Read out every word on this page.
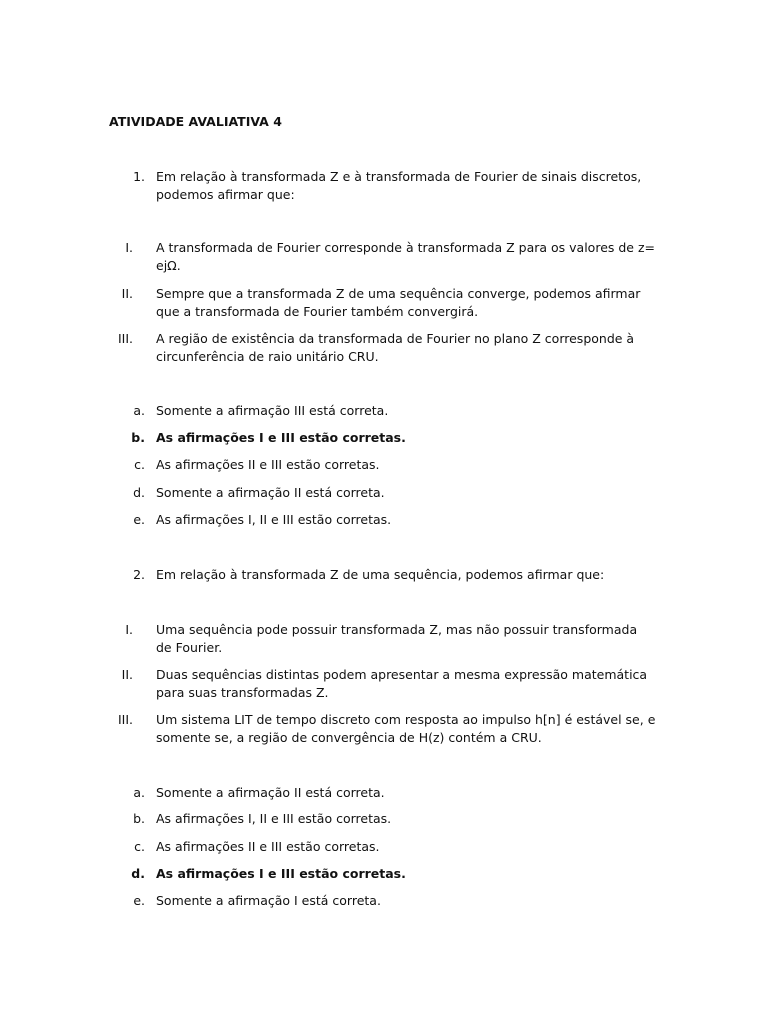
ATIVIDADE AVALIATIVA 4
1. Em relação à transformada Z e à transformada de Fourier de sinais discretos, podemos afirmar que:
I. A transformada de Fourier corresponde à transformada Z para os valores de z= ejΩ.
II. Sempre que a transformada Z de uma sequência converge, podemos afirmar que a transformada de Fourier também convergirá.
III. A região de existência da transformada de Fourier no plano Z corresponde à circunferência de raio unitário CRU.
a. Somente a afirmação III está correta.
b. As afirmações I e III estão corretas.
c. As afirmações II e III estão corretas.
d. Somente a afirmação II está correta.
e. As afirmações I, II e III estão corretas.
2. Em relação à transformada Z de uma sequência, podemos afirmar que:
I. Uma sequência pode possuir transformada Z, mas não possuir transformada de Fourier.
II. Duas sequências distintas podem apresentar a mesma expressão matemática para suas transformadas Z.
III. Um sistema LIT de tempo discreto com resposta ao impulso h[n] é estável se, e somente se, a região de convergência de H(z) contém a CRU.
a. Somente a afirmação II está correta.
b. As afirmações I, II e III estão corretas.
c. As afirmações II e III estão corretas.
d. As afirmações I e III estão corretas.
e. Somente a afirmação I está correta.
